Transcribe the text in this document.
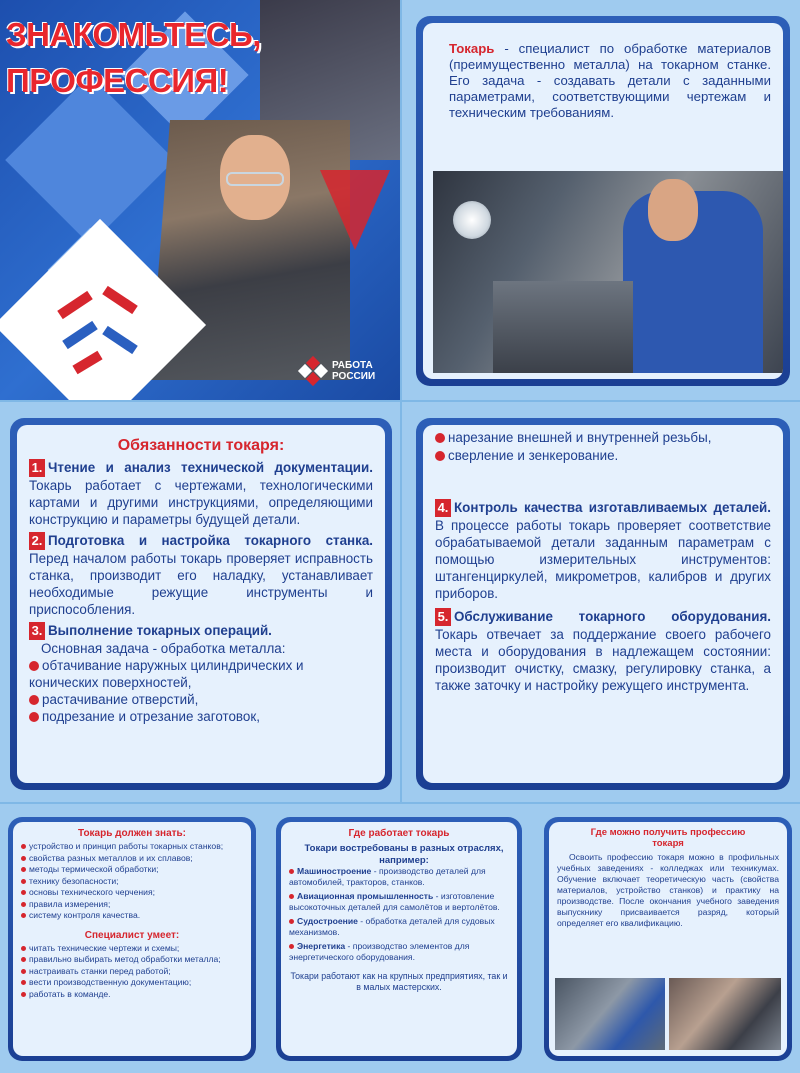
ЗНАКОМЬТЕСЬ,
ПРОФЕССИЯ!
РАБОТА
РОССИИ

Токарь - специалист по обработке материалов (преимущественно металла) на токарном станке. Его задача - создавать детали с заданными параметрами, соответствующими чертежам и техническим требованиям.

Обязанности токаря:

1. Чтение и анализ технической документации. Токарь работает с чертежами, технологическими картами и другими инструкциями, определяющими конструкцию и параметры будущей детали.

2. Подготовка и настройка токарного станка. Перед началом работы токарь проверяет исправность станка, производит его наладку, устанавливает необходимые режущие инструменты и приспособления.

3. Выполнение токарных операций.
Основная задача - обработка металла:

обтачивание наружных цилиндрических и конических поверхностей,
растачивание отверстий,
подрезание и отрезание заготовок,
нарезание внешней и внутренней резьбы,
сверление и зенкерование.

4. Контроль качества изготавливаемых деталей. В процессе работы токарь проверяет соответствие обрабатываемой детали заданным параметрам с помощью измерительных инструментов: штангенциркулей, микрометров, калибров и других приборов.

5. Обслуживание токарного оборудования. Токарь отвечает за поддержание своего рабочего места и оборудования в надлежащем состоянии: производит очистку, смазку, регулировку станка, а также заточку и настройку режущего инструмента.

Токарь должен знать:
устройство и принцип работы токарных станков;
свойства разных металлов и их сплавов;
методы термической обработки;
технику безопасности;
основы технического черчения;
правила измерения;
систему контроля качества.
Специалист умеет:
читать технические чертежи и схемы;
правильно выбирать метод обработки металла;
настраивать станки перед работой;
вести производственную документацию;
работать в команде.
Где работает токарь

Токари востребованы в разных отраслях, например:

Машиностроение - производство деталей для автомобилей, тракторов, станков.

Авиационная промышленность - изготовление высокоточных деталей для самолётов и вертолётов.

Судостроение - обработка деталей для судовых механизмов.

Энергетика - производство элементов для энергетического оборудования.

Токари работают как на крупных предприятиях, так и в малых мастерских.

Где можно получить профессию токаря

Освоить профессию токаря можно в профильных учебных заведениях - колледжах или техникумах. Обучение включает теоретическую часть (свойства материалов, устройство станков) и практику на производстве. После окончания учебного заведения выпускнику присваивается разряд, который определяет его квалификацию.
